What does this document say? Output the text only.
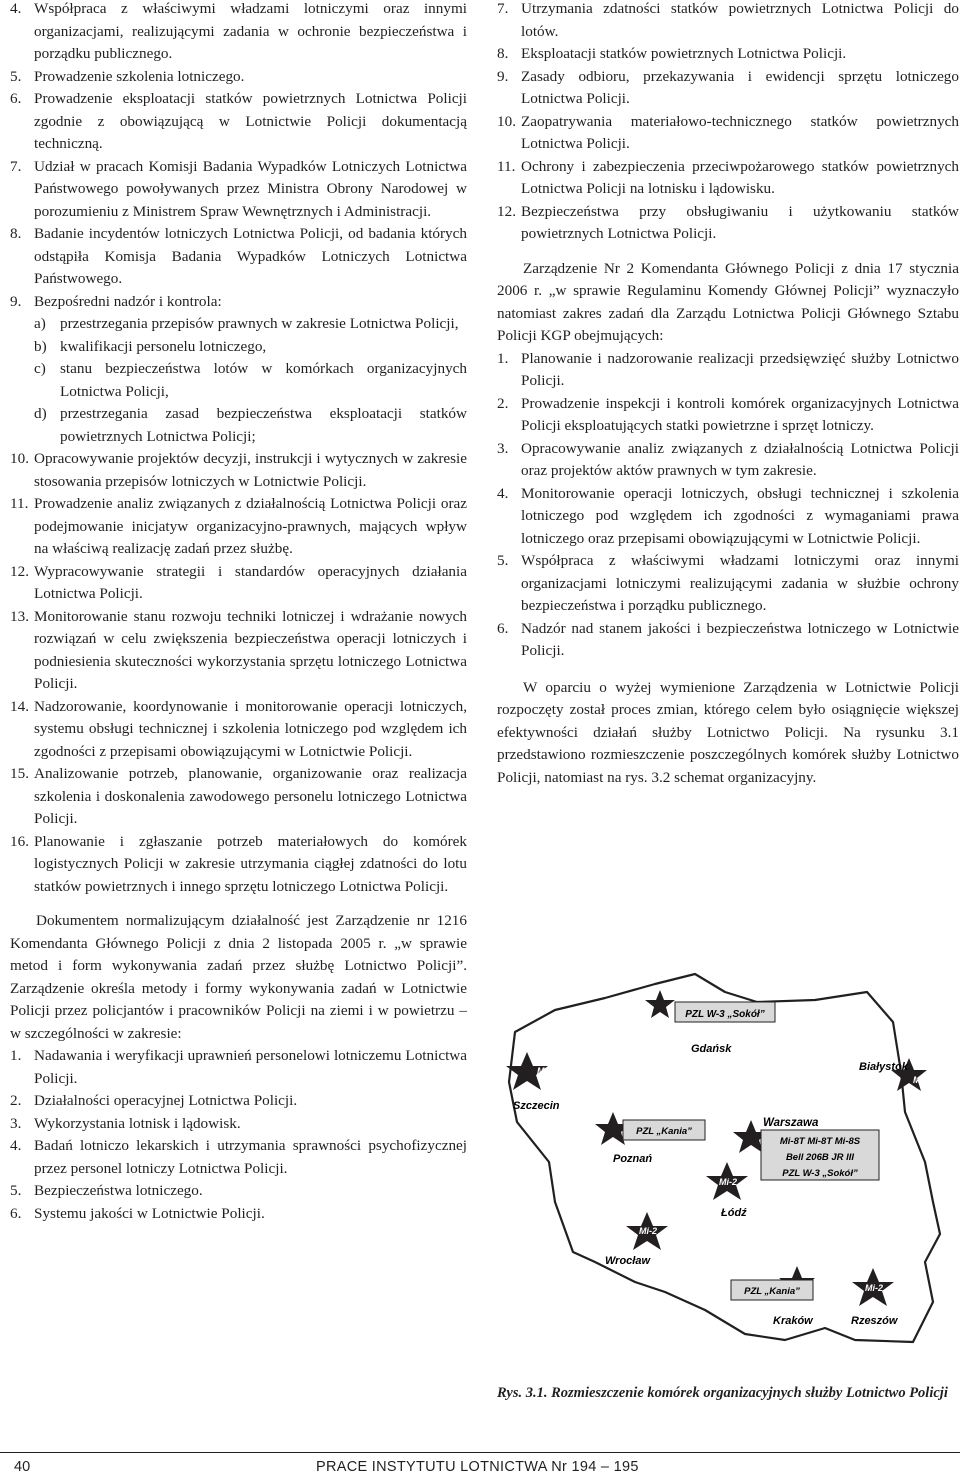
4. Współpraca z właściwymi władzami lotniczymi oraz innymi organizacjami, realizującymi zadania w ochronie bezpieczeństwa i porządku publicznego.
5. Prowadzenie szkolenia lotniczego.
6. Prowadzenie eksploatacji statków powietrznych Lotnictwa Policji zgodnie z obowiązującą w Lotnictwie Policji dokumentacją techniczną.
7. Udział w pracach Komisji Badania Wypadków Lotniczych Lotnictwa Państwowego powoływanych przez Ministra Obrony Narodowej w porozumieniu z Ministrem Spraw Wewnętrznych i Administracji.
8. Badanie incydentów lotniczych Lotnictwa Policji, od badania których odstąpiła Komisja Badania Wypadków Lotniczych Lotnictwa Państwowego.
9. Bezpośredni nadzór i kontrola:
a) przestrzegania przepisów prawnych w zakresie Lotnictwa Policji,
b) kwalifikacji personelu lotniczego,
c) stanu bezpieczeństwa lotów w komórkach organizacyjnych Lotnictwa Policji,
d) przestrzegania zasad bezpieczeństwa eksploatacji statków powietrznych Lotnictwa Policji;
10. Opracowywanie projektów decyzji, instrukcji i wytycznych w zakresie stosowania przepisów lotniczych w Lotnictwie Policji.
11. Prowadzenie analiz związanych z działalnością Lotnictwa Policji oraz podejmowanie inicjatyw organizacyjno-prawnych, mających wpływ na właściwą realizację zadań przez służbę.
12. Wypracowywanie strategii i standardów operacyjnych działania Lotnictwa Policji.
13. Monitorowanie stanu rozwoju techniki lotniczej i wdrażanie nowych rozwiązań w celu zwiększenia bezpieczeństwa operacji lotniczych i podniesienia skuteczności wykorzystania sprzętu lotniczego Lotnictwa Policji.
14. Nadzorowanie, koordynowanie i monitorowanie operacji lotniczych, systemu obsługi technicznej i szkolenia lotniczego pod względem ich zgodności z przepisami obowiązującymi w Lotnictwie Policji.
15. Analizowanie potrzeb, planowanie, organizowanie oraz realizacja szkolenia i doskonalenia zawodowego personelu lotniczego Lotnictwa Policji.
16. Planowanie i zgłaszanie potrzeb materiałowych do komórek logistycznych Policji w zakresie utrzymania ciągłej zdatności do lotu statków powietrznych i innego sprzętu lotniczego Lotnictwa Policji.
Dokumentem normalizującym działalność jest Zarządzenie nr 1216 Komendanta Głównego Policji z dnia 2 listopada 2005 r. „w sprawie metod i form wykonywania zadań przez służbę Lotnictwo Policji”. Zarządzenie określa metody i formy wykonywania zadań w Lotnictwie Policji przez policjantów i pracowników Policji na ziemi i w powietrzu – w szczególności w zakresie:
1. Nadawania i weryfikacji uprawnień personelowi lotniczemu Lotnictwa Policji.
2. Działalności operacyjnej Lotnictwa Policji.
3. Wykorzystania lotnisk i lądowisk.
4. Badań lotniczo lekarskich i utrzymania sprawności psychofizycznej przez personel lotniczy Lotnictwa Policji.
5. Bezpieczeństwa lotniczego.
6. Systemu jakości w Lotnictwie Policji.
7. Utrzymania zdatności statków powietrznych Lotnictwa Policji do lotów.
8. Eksploatacji statków powietrznych Lotnictwa Policji.
9. Zasady odbioru, przekazywania i ewidencji sprzętu lotniczego Lotnictwa Policji.
10. Zaopatrywania materiałowo-technicznego statków powietrznych Lotnictwa Policji.
11. Ochrony i zabezpieczenia przeciwpożarowego statków powietrznych Lotnictwa Policji na lotnisku i lądowisku.
12. Bezpieczeństwa przy obsługiwaniu i użytkowaniu statków powietrznych Lotnictwa Policji.
Zarządzenie Nr 2 Komendanta Głównego Policji z dnia 17 stycznia 2006 r. „w sprawie Regulaminu Komendy Głównej Policji” wyznaczyło natomiast zakres zadań dla Zarządu Lotnictwa Policji Głównego Sztabu Policji KGP obejmujących:
1. Planowanie i nadzorowanie realizacji przedsięwzięć służby Lotnictwo Policji.
2. Prowadzenie inspekcji i kontroli komórek organizacyjnych Lotnictwa Policji eksploatujących statki powietrzne i sprzęt lotniczy.
3. Opracowywanie analiz związanych z działalnością Lotnictwa Policji oraz projektów aktów prawnych w tym zakresie.
4. Monitorowanie operacji lotniczych, obsługi technicznej i szkolenia lotniczego pod względem ich zgodności z wymaganiami prawa lotniczego oraz przepisami obowiązującymi w Lotnictwie Policji.
5. Współpraca z właściwymi władzami lotniczymi oraz innymi organizacjami lotniczymi realizującymi zadania w służbie ochrony bezpieczeństwa i porządku publicznego.
6. Nadzór nad stanem jakości i bezpieczeństwa lotniczego w Lotnictwie Policji.
W oparciu o wyżej wymienione Zarządzenia w Lotnictwie Policji rozpoczęty został proces zmian, którego celem było osiągnięcie większej efektywności działań służby Lotnictwo Policji. Na rysunku 3.1 przedstawiono rozmieszczenie poszczególnych komórek służby Lotnictwo Policji, natomiast na rys. 3.2 schemat organizacyjny.
PZL W-3 „Sokół”
Gdańsk
Mi-2
Białystok
Mi-2
Szczecin
Warszawa
Mi-8T Mi-8T Mi-8S
Bell 206B JR III
PZL W-3 „Sokół”
PZL „Kania”
Poznań
Mi-2
Łódź
Mi-2
Wrocław
PZL „Kania”
Kraków
Mi-2
Rzeszów
Rys. 3.1. Rozmieszczenie komórek organizacyjnych służby Lotnictwo Policji
40	PRACE INSTYTUTU LOTNICTWA Nr 194 – 195
